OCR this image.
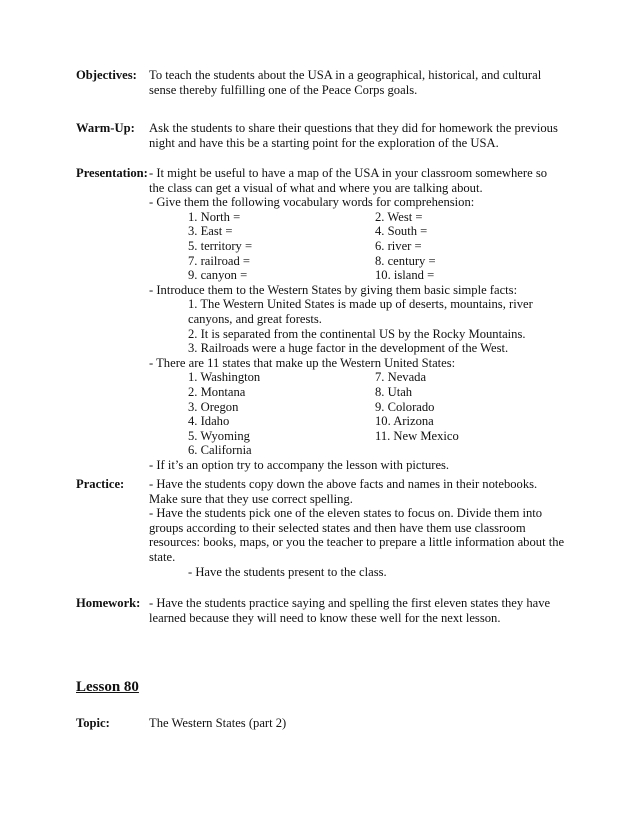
Objectives: To teach the students about the USA in a geographical, historical, and cultural
sense thereby fulfilling one of the Peace Corps goals.
Warm-Up: Ask the students to share their questions that they did for homework the previous
night and have this be a starting point for the exploration of the USA.
Presentation: - It might be useful to have a map of the USA in your classroom somewhere so
the class can get a visual of what and where you are talking about.
- Give them the following vocabulary words for comprehension:
1. North =	2. West =
3. East =	4. South =
5. territory =	6. river =
7. railroad =	8. century =
9. canyon =	10. island =
- Introduce them to the Western States by giving them basic simple facts:
1. The Western United States is made up of deserts, mountains, river
canyons, and great forests.
2. It is separated from the continental US by the Rocky Mountains.
3. Railroads were a huge factor in the development of the West.
- There are 11 states that make up the Western United States:
1. Washington	7. Nevada
2. Montana	8. Utah
3. Oregon	9. Colorado
4. Idaho	10. Arizona
5. Wyoming	11. New Mexico
6. California
- If it’s an option try to accompany the lesson with pictures.
Practice: - Have the students copy down the above facts and names in their notebooks.
Make sure that they use correct spelling.
- Have the students pick one of the eleven states to focus on. Divide them into
groups according to their selected states and then have them use classroom
resources: books, maps, or you the teacher to prepare a little information about the
state.
- Have the students present to the class.
Homework: - Have the students practice saying and spelling the first eleven states they have
learned because they will need to know these well for the next lesson.
Lesson 80
Topic:	The Western States (part 2)
